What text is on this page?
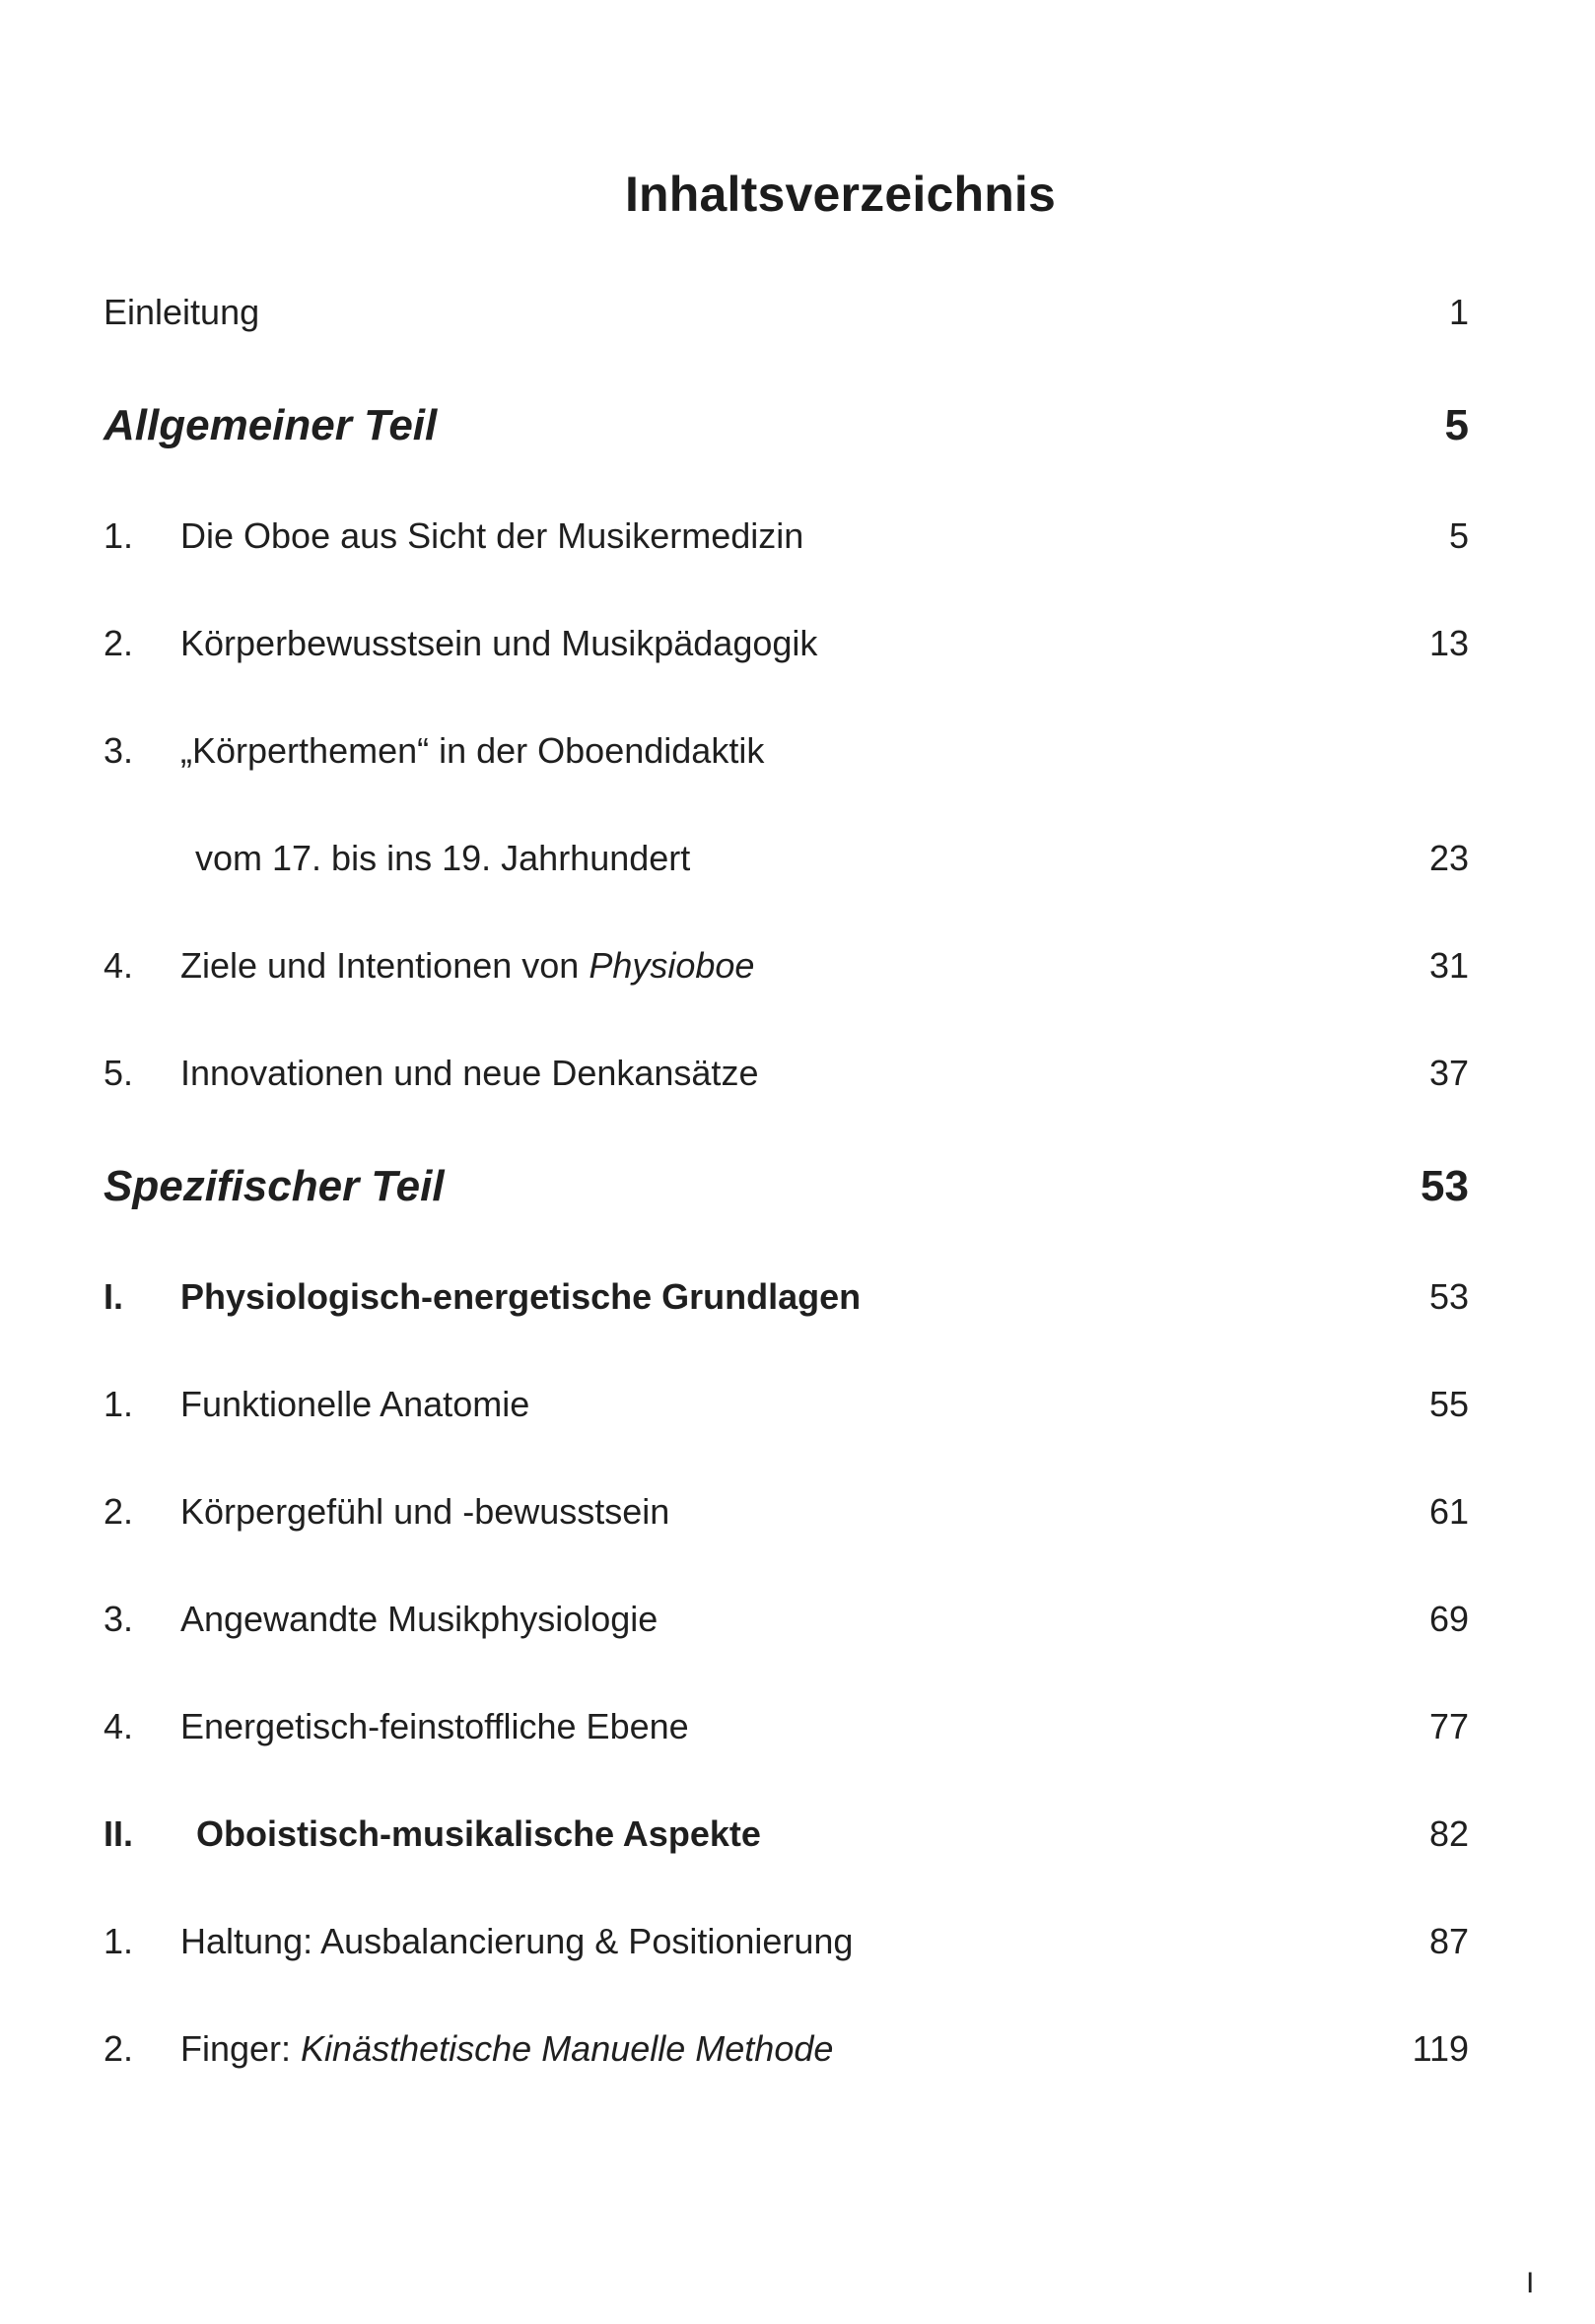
Inhaltsverzeichnis
Einleitung	1
Allgemeiner Teil	5
1.	Die Oboe aus Sicht der Musikermedizin	5
2.	Körperbewusstsein und Musikpädagogik	13
3.	„Körperthemen“ in der Oboendidaktik
vom 17. bis ins 19. Jahrhundert	23
4.	Ziele und Intentionen von Physioboe	31
5.	Innovationen und neue Denkansätze	37
Spezifischer Teil	53
I.	Physiologisch-energetische Grundlagen	53
1.	Funktionelle Anatomie	55
2.	Körpergefühl und -bewusstsein	61
3.	Angewandte Musikphysiologie	69
4.	Energetisch-feinstoffliche Ebene	77
II.	Oboistisch-musikalische Aspekte	82
1.	Haltung: Ausbalancierung & Positionierung	87
2.	Finger: Kinästhetische Manuelle Methode	119
I
